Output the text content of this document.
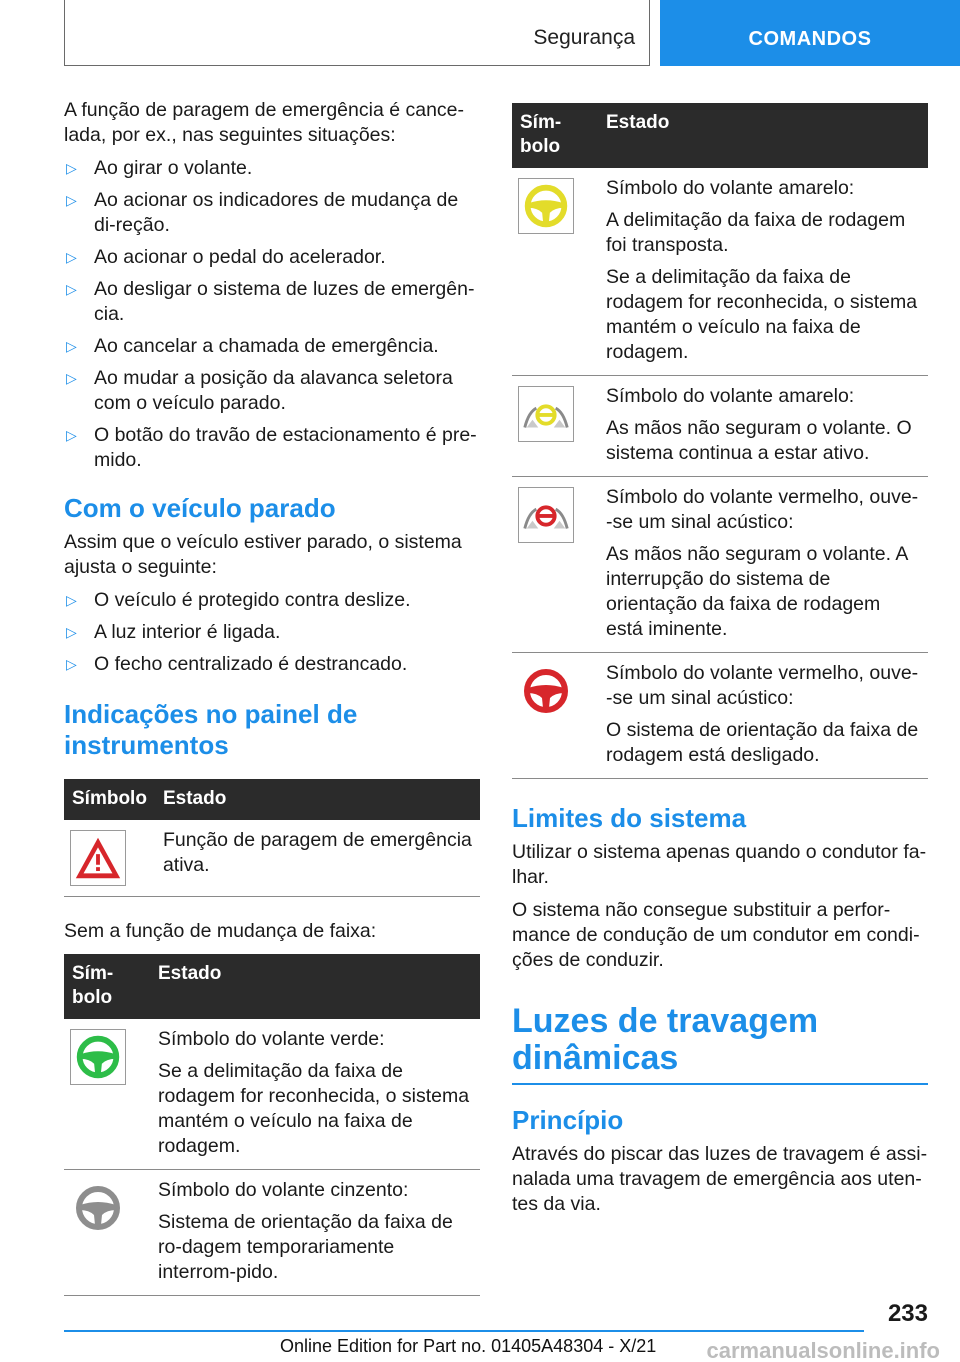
Segurança	COMANDOS

A função de paragem de emergência é cance-lada, por ex., nas seguintes situações:

▷ Ao girar o volante.
▷ Ao acionar os indicadores de mudança de di-reção.
▷ Ao acionar o pedal do acelerador.
▷ Ao desligar o sistema de luzes de emergên-cia.
▷ Ao cancelar a chamada de emergência.
▷ Ao mudar a posição da alavanca seletora com o veículo parado.
▷ O botão do travão de estacionamento é pre-mido.
Com o veículo parado

Assim que o veículo estiver parado, o sistema ajusta o seguinte:

▷ O veículo é protegido contra deslize.
▷ A luz interior é ligada.
▷ O fecho centralizado é destrancado.
Indicações no painel de instrumentos
Símbolo	Estado

Função de paragem de emergência ativa.

Sem a função de mudança de faixa:

Sím-bolo	Estado

Símbolo do volante verde:

Se a delimitação da faixa de rodagem for reconhecida, o sistema mantém o veículo na faixa de rodagem.

Símbolo do volante cinzento:

Sistema de orientação da faixa de ro-dagem temporariamente interrom-pido.

Sím-bolo	Estado

Símbolo do volante amarelo:

A delimitação da faixa de rodagem foi transposta.

Se a delimitação da faixa de rodagem for reconhecida, o sistema mantém o veículo na faixa de rodagem.

Símbolo do volante amarelo:

As mãos não seguram o volante. O sistema continua a estar ativo.

Símbolo do volante vermelho, ouve--se um sinal acústico:

As mãos não seguram o volante. A interrupção do sistema de orientação da faixa de rodagem está iminente.

Símbolo do volante vermelho, ouve--se um sinal acústico:

O sistema de orientação da faixa de rodagem está desligado.

Limites do sistema

Utilizar o sistema apenas quando o condutor fa-lhar.

O sistema não consegue substituir a perfor-mance de condução de um condutor em condi-ções de conduzir.

Luzes de travagem dinâmicas
Princípio

Através do piscar das luzes de travagem é assi-nalada uma travagem de emergência aos uten-tes da via.

233
Online Edition for Part no. 01405A48304 - X/21 carmanualsonline.info
